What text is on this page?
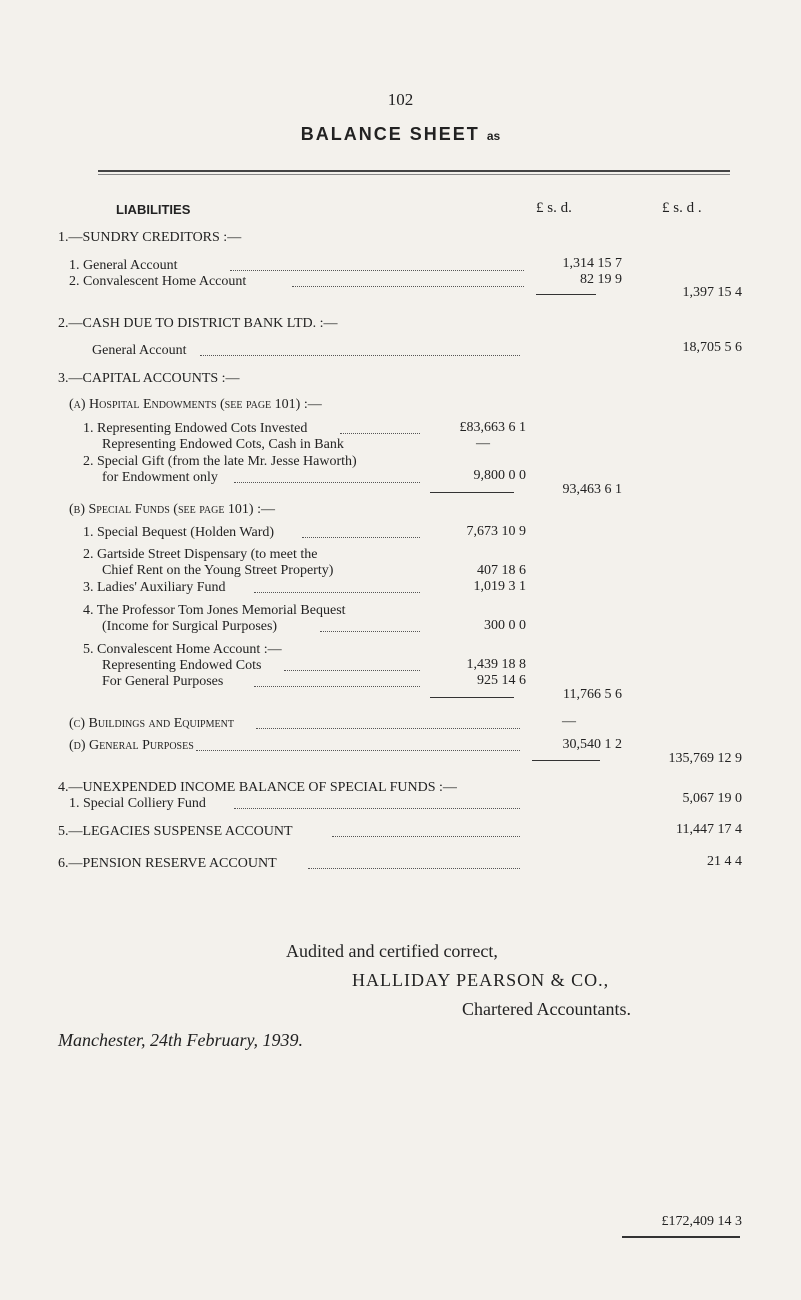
102
BALANCE SHEET as
LIABILITIES	£ s. d.	£ s. d .
1.—SUNDRY CREDITORS :—
1. General Account	1,314 15 7
2. Convalescent Home Account	82 19 9
1,397 15 4
2.—CASH DUE TO DISTRICT BANK LTD. :—
General Account	18,705 5 6
3.—CAPITAL ACCOUNTS :—
(a) Hospital Endowments (see page 101) :—
1. Representing Endowed Cots Invested	£83,663 6 1
Representing Endowed Cots, Cash in Bank	—
2. Special Gift (from the late Mr. Jesse Haworth)
for Endowment only	9,800 0 0
93,463 6 1
(b) Special Funds (see page 101) :—
1. Special Bequest (Holden Ward)	7,673 10 9
2. Gartside Street Dispensary (to meet the
Chief Rent on the Young Street Property)	407 18 6
3. Ladies' Auxiliary Fund	1,019 3 1
4. The Professor Tom Jones Memorial Bequest
(Income for Surgical Purposes)	300 0 0
5. Convalescent Home Account :—
Representing Endowed Cots	1,439 18 8
For General Purposes	925 14 6
11,766 5 6
(c) Buildings and Equipment	—
(d) General Purposes	30,540 1 2
135,769 12 9
4.—UNEXPENDED INCOME BALANCE OF SPECIAL FUNDS :—
1. Special Colliery Fund	5,067 19 0
5.—LEGACIES SUSPENSE ACCOUNT	11,447 17 4
6.—PENSION RESERVE ACCOUNT	21 4 4
Audited and certified correct,
HALLIDAY PEARSON & CO.,
Chartered Accountants.
Manchester, 24th February, 1939.
£172,409 14 3
